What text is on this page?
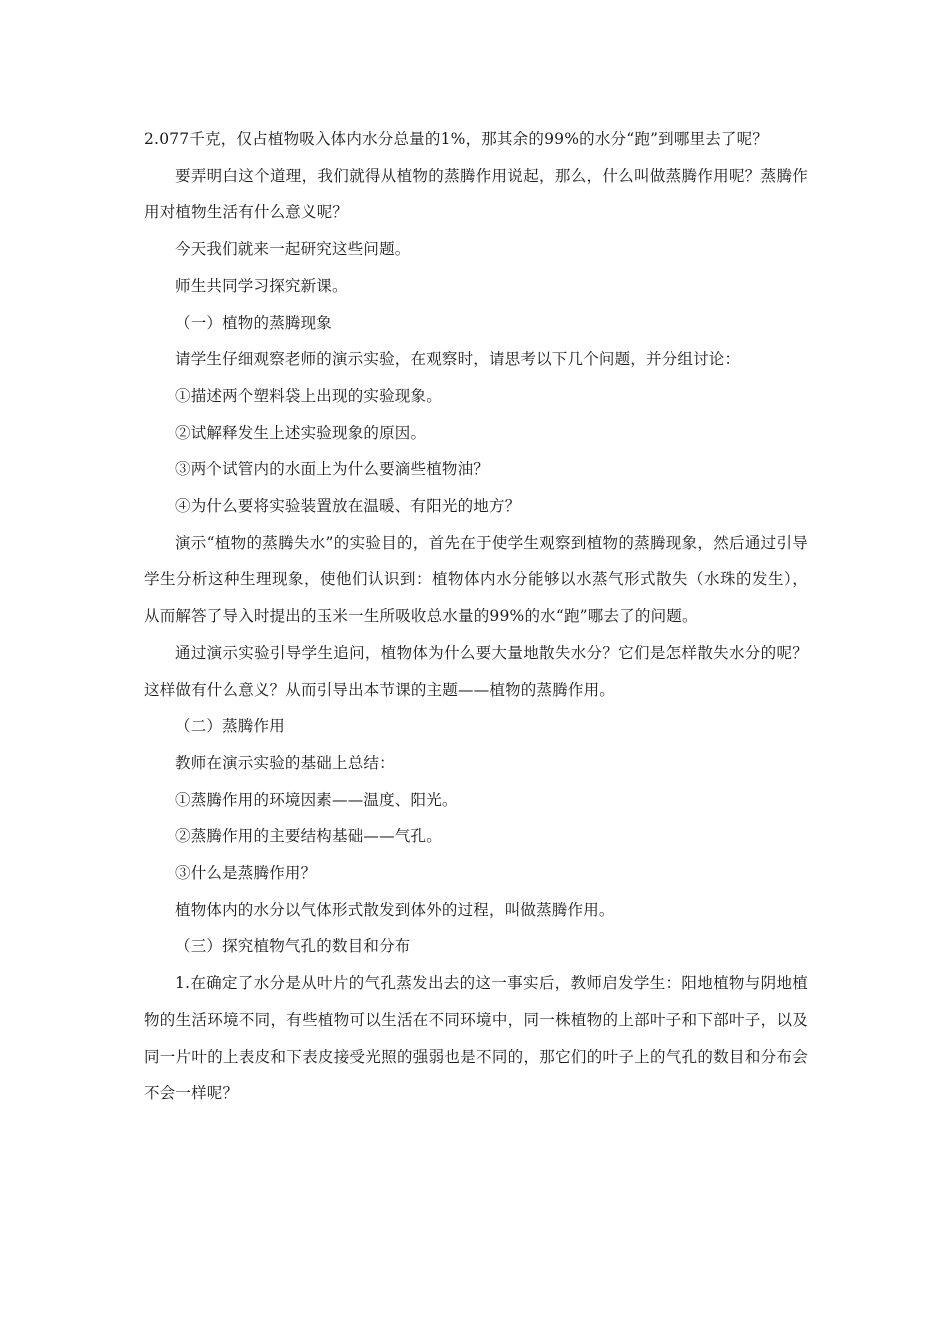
2.077千克，仅占植物吸入体内水分总量的1%，那其余的99%的水分“跑”到哪里去了呢？

要弄明白这个道理，我们就得从植物的蒸腾作用说起，那么，什么叫做蒸腾作用呢？蒸腾作用对植物生活有什么意义呢？

今天我们就来一起研究这些问题。

师生共同学习探究新课。

（一）植物的蒸腾现象

请学生仔细观察老师的演示实验，在观察时，请思考以下几个问题，并分组讨论：

①描述两个塑料袋上出现的实验现象。

②试解释发生上述实验现象的原因。

③两个试管内的水面上为什么要滴些植物油？

④为什么要将实验装置放在温暖、有阳光的地方？

演示“植物的蒸腾失水”的实验目的，首先在于使学生观察到植物的蒸腾现象，然后通过引导学生分析这种生理现象，使他们认识到：植物体内水分能够以水蒸气形式散失（水珠的发生），从而解答了导入时提出的玉米一生所吸收总水量的99%的水“跑”哪去了的问题。

通过演示实验引导学生追问，植物体为什么要大量地散失水分？它们是怎样散失水分的呢？这样做有什么意义？从而引导出本节课的主题——植物的蒸腾作用。

（二）蒸腾作用

教师在演示实验的基础上总结：

①蒸腾作用的环境因素——温度、阳光。

②蒸腾作用的主要结构基础——气孔。

③什么是蒸腾作用？

植物体内的水分以气体形式散发到体外的过程，叫做蒸腾作用。

（三）探究植物气孔的数目和分布

1.在确定了水分是从叶片的气孔蒸发出去的这一事实后，教师启发学生：阳地植物与阴地植物的生活环境不同，有些植物可以生活在不同环境中，同一株植物的上部叶子和下部叶子，以及同一片叶的上表皮和下表皮接受光照的强弱也是不同的，那它们的叶子上的气孔的数目和分布会不会一样呢？
